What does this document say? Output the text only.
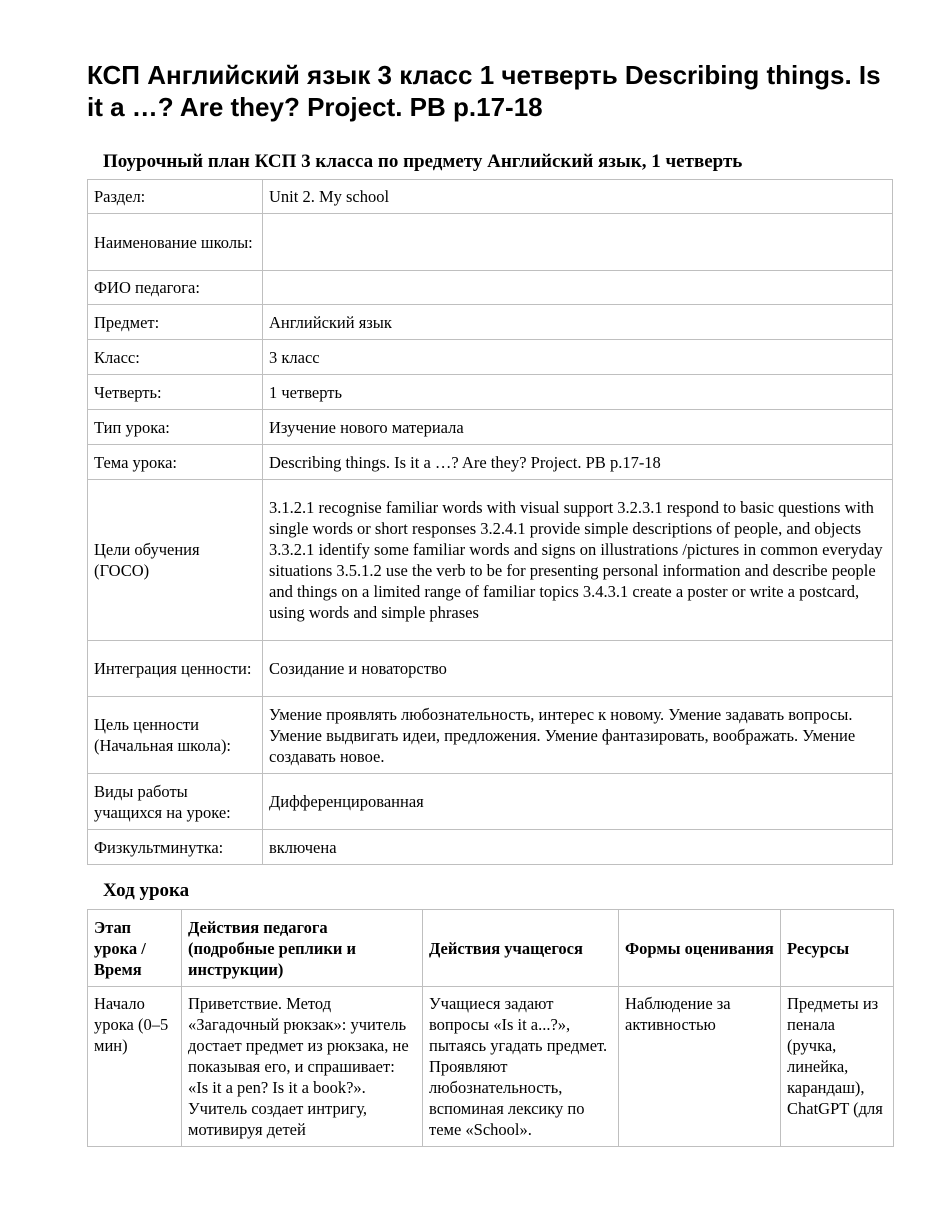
КСП Английский язык 3 класс 1 четверть Describing things. Is it a …? Are they? Project. PB p.17-18
Поурочный план КСП 3 класса по предмету Английский язык, 1 четверть
Раздел:	Unit 2. My school
Наименование школы:	
ФИО педагога:	
Предмет:	Английский язык
Класс:	3 класс
Четверть:	1 четверть
Тип урока:	Изучение нового материала
Тема урока:	Describing things. Is it a …? Are they? Project. PB p.17-18
Цели обучения (ГОСО)	3.1.2.1 recognise familiar words with visual support 3.2.3.1 respond to basic questions with single words or short responses 3.2.4.1 provide simple descriptions of people, and objects 3.3.2.1 identify some familiar words and signs on illustrations /pictures in common everyday situations 3.5.1.2 use the verb to be for presenting personal information and describe people and things on a limited range of familiar topics 3.4.3.1 create a poster or write a postcard, using words and simple phrases
Интеграция ценности:	Созидание и новаторство
Цель ценности (Начальная школа):	Умение проявлять любознательность, интерес к новому. Умение задавать вопросы. Умение выдвигать идеи, предложения. Умение фантазировать, воображать. Умение создавать новое.
Виды работы учащихся на уроке:	Дифференцированная
Физкультминутка:	включена
Ход урока
Этап урока / Время	Действия педагога (подробные реплики и инструкции)	Действия учащегося	Формы оценивания	Ресурсы
Начало урока (0–5 мин)	Приветствие. Метод «Загадочный рюкзак»: учитель достает предмет из рюкзака, не показывая его, и спрашивает: «Is it a pen? Is it a book?». Учитель создает интригу, мотивируя детей	Учащиеся задают вопросы «Is it a...?», пытаясь угадать предмет. Проявляют любознательность, вспоминая лексику по теме «School».	Наблюдение за активностью	Предметы из пенала (ручка, линейка, карандаш), ChatGPT (для
